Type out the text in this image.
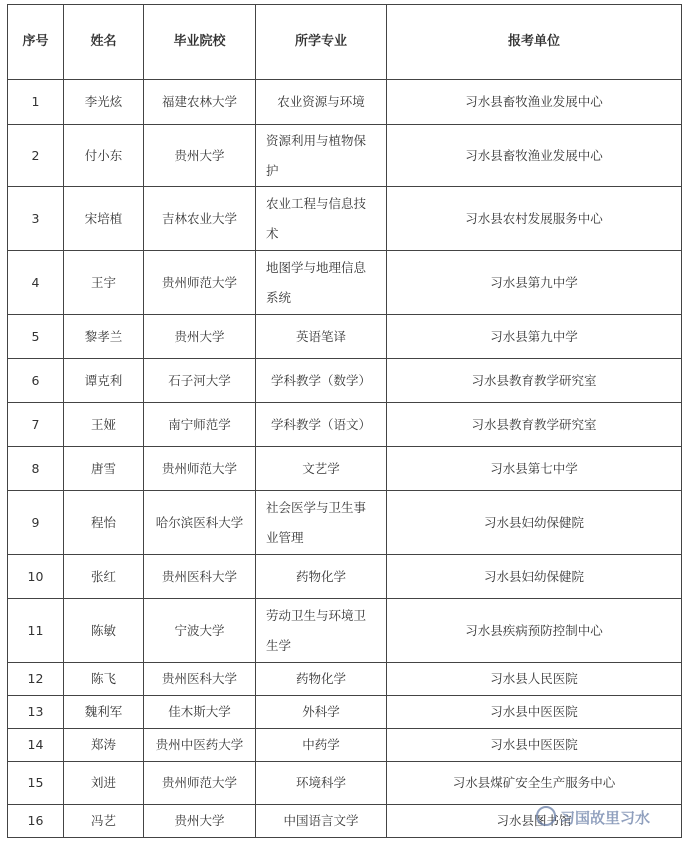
序号	姓名	毕业院校	所学专业	报考单位
1	李光炫	福建农林大学	农业资源与环境	习水县畜牧渔业发展中心
2	付小东	贵州大学	资源利用与植物保护	习水县畜牧渔业发展中心
3	宋培植	吉林农业大学	农业工程与信息技术	习水县农村发展服务中心
4	王宇	贵州师范大学	地图学与地理信息系统	习水县第九中学
5	黎孝兰	贵州大学	英语笔译	习水县第九中学
6	谭克利	石子河大学	学科教学（数学）	习水县教育教学研究室
7	王娅	南宁师范学	学科教学（语文）	习水县教育教学研究室
8	唐雪	贵州师范大学	文艺学	习水县第七中学
9	程怡	哈尔滨医科大学	社会医学与卫生事业管理	习水县妇幼保健院
10	张红	贵州医科大学	药物化学	习水县妇幼保健院
11	陈敏	宁波大学	劳动卫生与环境卫生学	习水县疾病预防控制中心
12	陈飞	贵州医科大学	药物化学	习水县人民医院
13	魏利军	佳木斯大学	外科学	习水县中医医院
14	郑涛	贵州中医药大学	中药学	习水县中医医院
15	刘进	贵州师范大学	环境科学	习水县煤矿安全生产服务中心
16	冯艺	贵州大学	中国语言文学	习水县图书馆
习国故里习水
